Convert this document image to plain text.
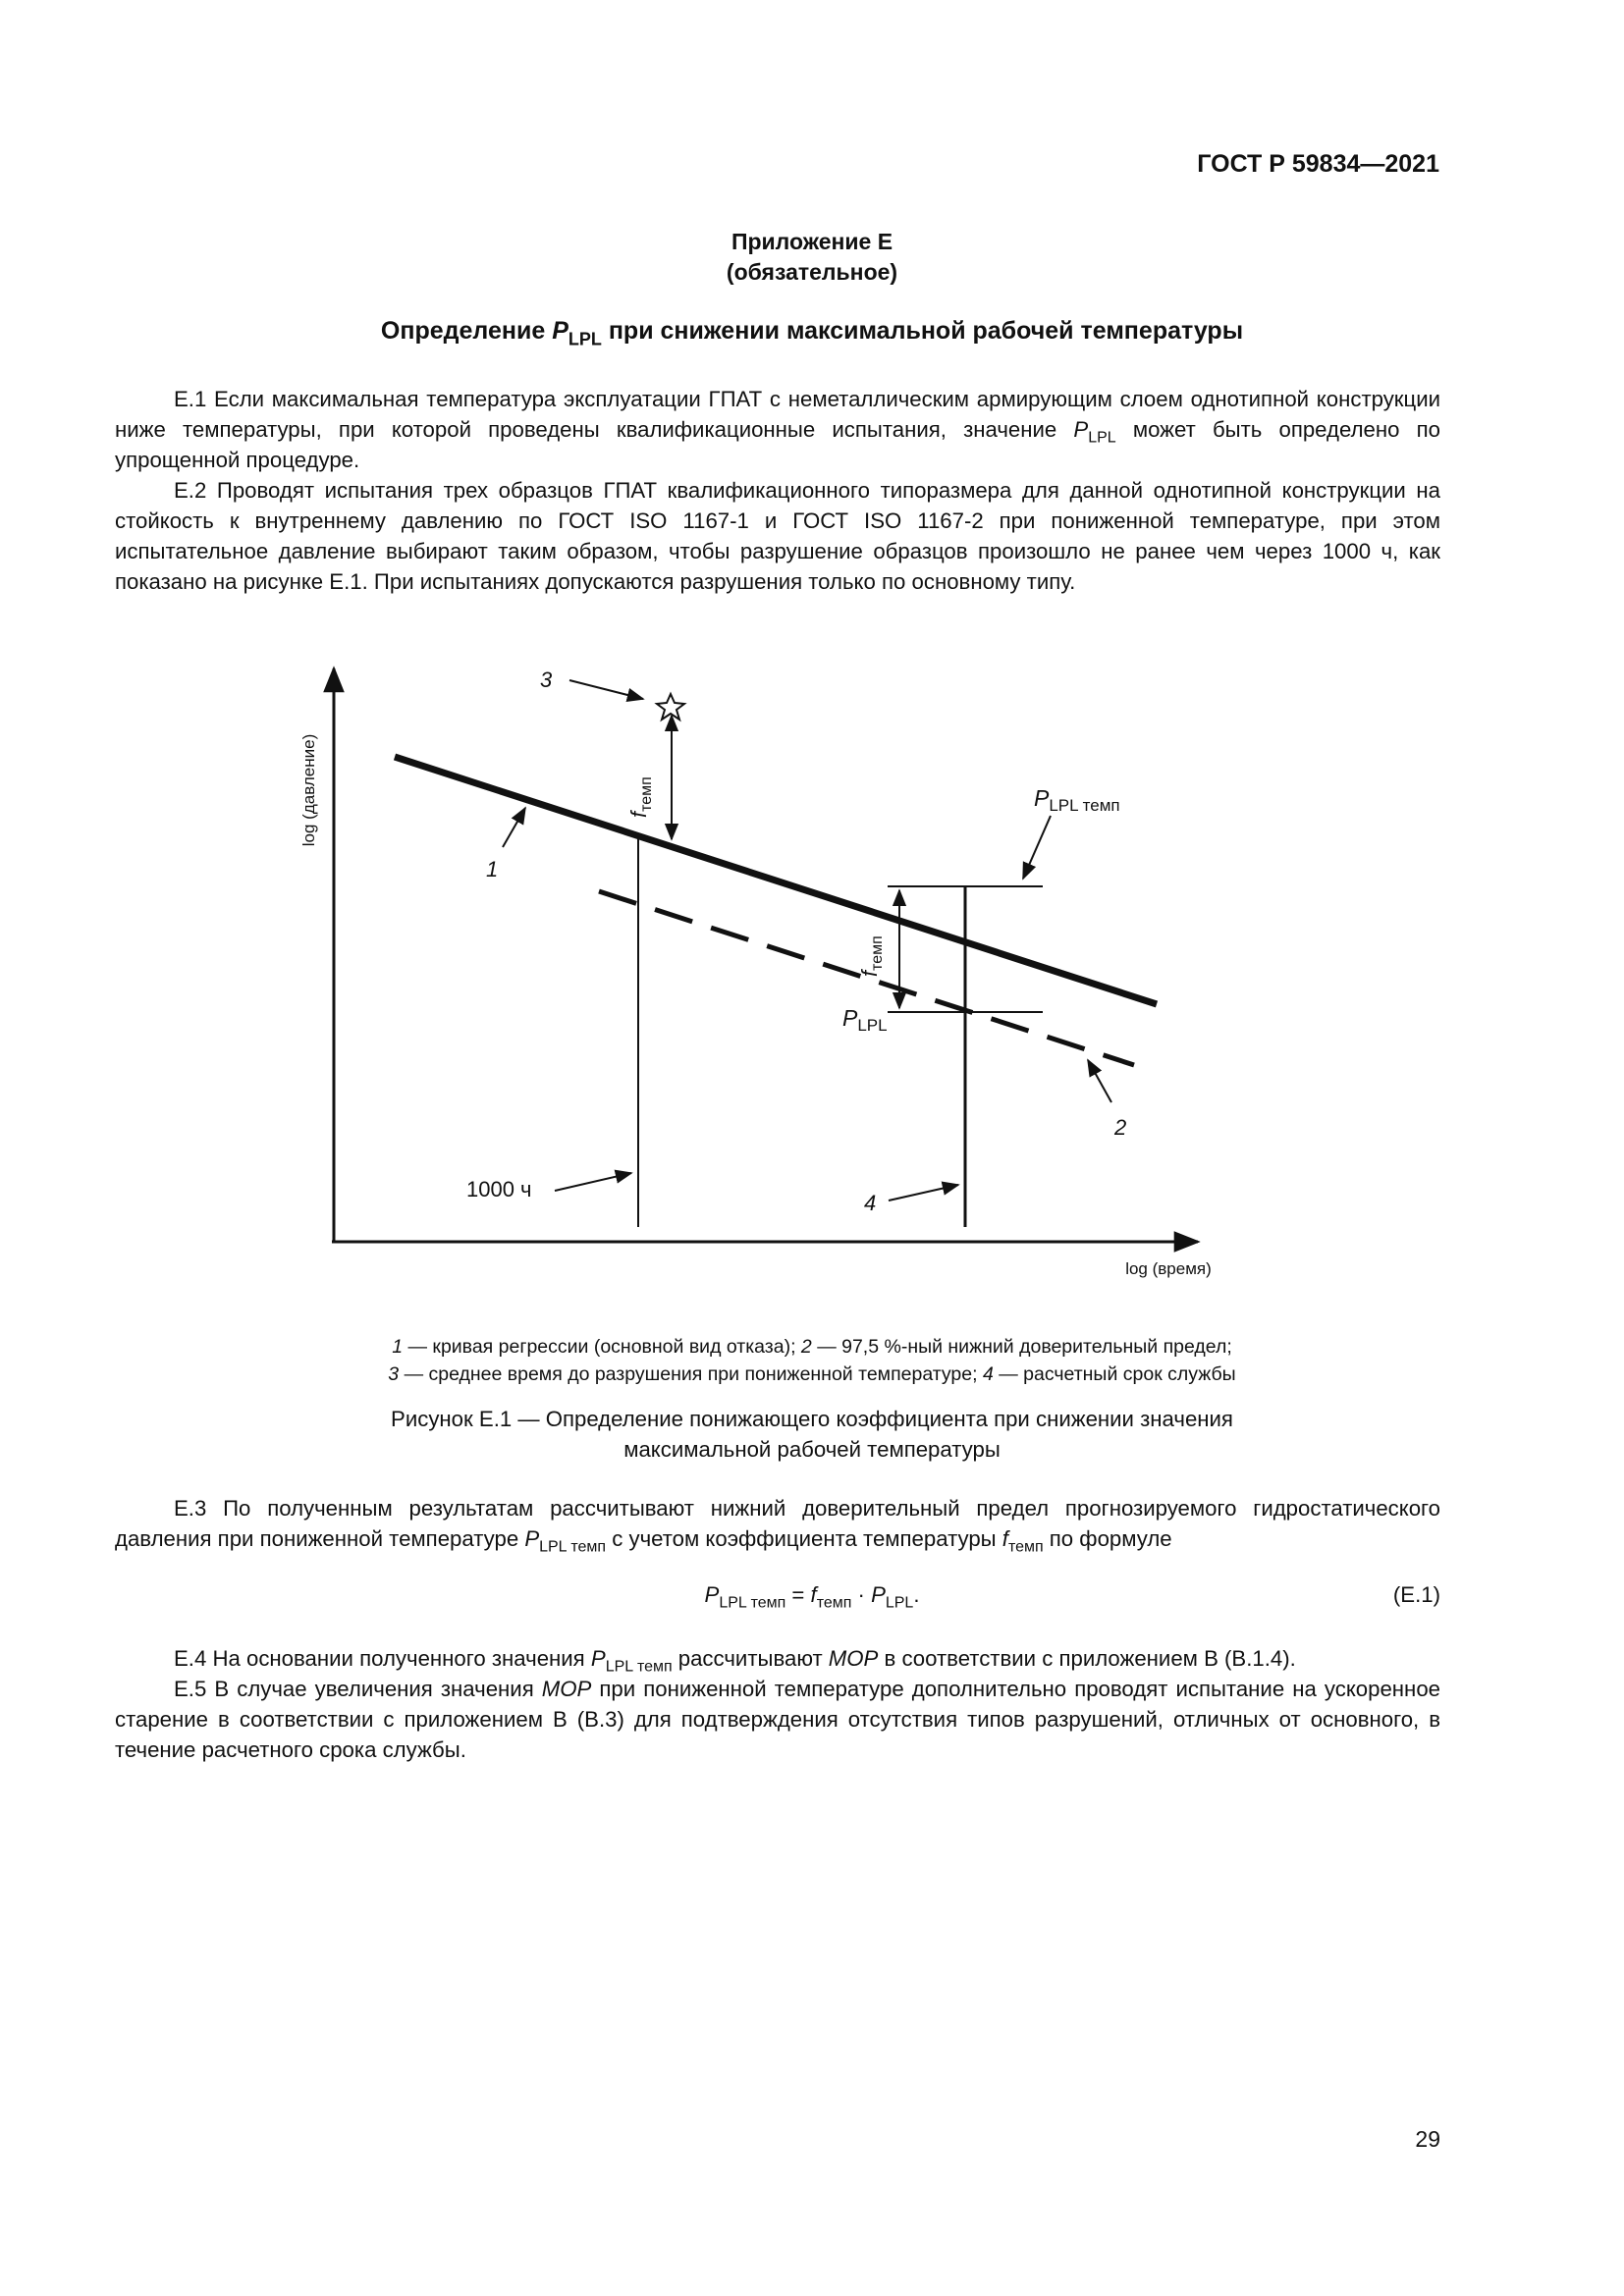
ГОСТ Р 59834—2021
Приложение Е
(обязательное)
Определение $P_{LPL}$ при снижении максимальной рабочей температуры

Е.1 Если максимальная температура эксплуатации ГПАТ с неметаллическим армирующим слоем однотипной конструкции ниже температуры, при которой проведены квалификационные испытания, значение $P_{LPL}$ может быть определено по упрощенной процедуре.

Е.2 Проводят испытания трех образцов ГПАТ квалификационного типоразмера для данной однотипной конструкции на стойкость к внутреннему давлению по ГОСТ ISO 1167-1 и ГОСТ ISO 1167-2 при пониженной температуре, при этом испытательное давление выбирают таким образом, чтобы разрушение образцов произошло не ранее чем через 1000 ч, как показано на рисунке Е.1. При испытаниях допускаются разрушения только по основному типу.

log (давление)
log (время)
3
1
2
1000 ч
4
PLPL темп
PLPL
fтемп
fтемп
1 — кривая регрессии (основной вид отказа); 2 — 97,5 %-ный нижний доверительный предел;
3 — среднее время до разрушения при пониженной температуре; 4 — расчетный срок службы
Рисунок Е.1 — Определение понижающего коэффициента при снижении значения
максимальной рабочей температуры

Е.3 По полученным результатам рассчитывают нижний доверительный предел прогнозируемого гидростатического давления при пониженной температуре $P_{LPL темп}$ с учетом коэффициента температуры $f_{темп}$ по формуле

$P_{LPL темп} = f_{темп} \cdot P_{LPL}$.	(Е.1)

Е.4 На основании полученного значения $P_{LPL темп}$ рассчитывают MOP в соответствии с приложением В (В.1.4).

Е.5 В случае увеличения значения MOP при пониженной температуре дополнительно проводят испытание на ускоренное старение в соответствии с приложением В (В.3) для подтверждения отсутствия типов разрушений, отличных от основного, в течение расчетного срока службы.

29
